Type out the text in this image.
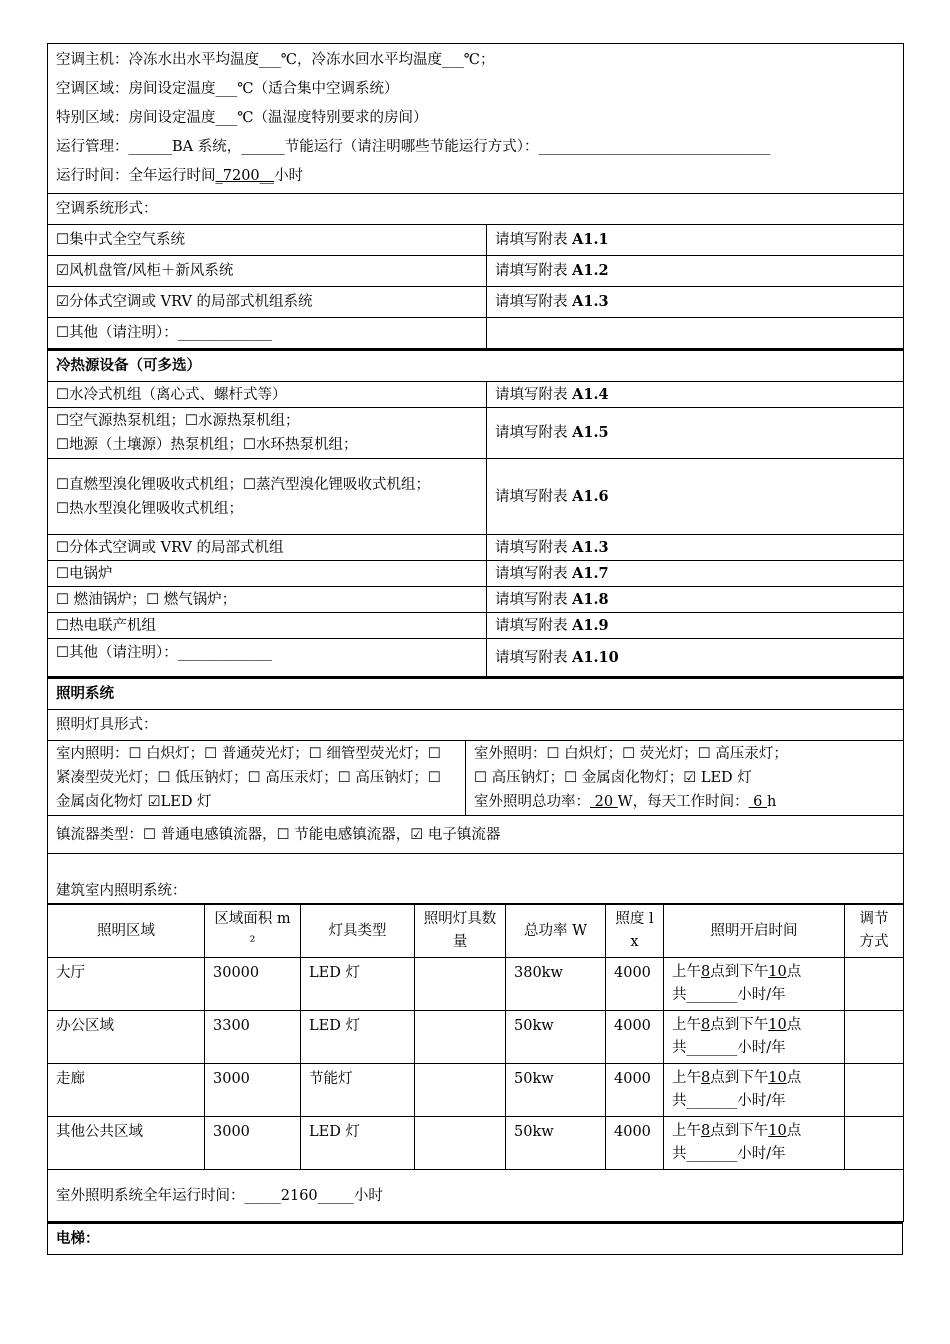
空调主机：冷冻水出水平均温度___℃，冷冻水回水平均温度___℃；
空调区域：房间设定温度___℃（适合集中空调系统）
特别区域：房间设定温度___℃（温湿度特别要求的房间）
运行管理：______BA 系统，______节能运行（请注明哪些节能运行方式）：________________________________
运行时间：全年运行时间_7200__小时	

空调系统形式：	
☐集中式全空气系统	请填写附表 A1.1
☑风机盘管/风柜＋新风系统	请填写附表 A1.2
☑分体式空调或 VRV 的局部式机组系统	请填写附表 A1.3
☐其他（请注明）：_____________	
冷热源设备（可多选）	

☐水冷式机组（离心式、螺杆式等）	请填写附表 A1.4

☐空气源热泵机组；☐水源热泵机组；
☐地源（土壤源）热泵机组；☐水环热泵机组；	请填写附表 A1.5

☐直燃型溴化锂吸收式机组；☐蒸汽型溴化锂吸收式机组；
☐热水型溴化锂吸收式机组；	请填写附表 A1.6

☐分体式空调或 VRV 的局部式机组	请填写附表 A1.3

☐电锅炉	请填写附表 A1.7

☐ 燃油锅炉；☐ 燃气锅炉；	请填写附表 A1.8

☐热电联产机组	请填写附表 A1.9

☐其他（请注明）：_____________	请填写附表 A1.10
照明系统
照明灯具形式：
室内照明：☐ 白炽灯；☐ 普通荧光灯；☐ 细管型荧光灯；☐ 紧凑型荧光灯；☐ 低压钠灯；☐ 高压汞灯；☐ 高压钠灯；☐ 金属卤化物灯 ☑LED 灯	
室外照明：☐ 白炽灯；☐ 荧光灯；☐ 高压汞灯；
☐ 高压钠灯；☐ 金属卤化物灯；☑ LED 灯
室外照明总功率： 20 W，每天工作时间： 6 h

镇流器类型：☐ 普通电感镇流器，☐ 节能电感镇流器，☑ 电子镇流器
建筑室内照明系统：
照明区域	区域面积 m²	灯具类型	照明灯具数量	总功率 W	照度 lx	照明开启时间	调节方式
大厅	30000	LED 灯		380kw	4000	上午8点到下午10点
共_______小时/年	
办公区域	3300	LED 灯		50kw	4000	上午8点到下午10点
共_______小时/年	
走廊	3000	节能灯		50kw	4000	上午8点到下午10点
共_______小时/年	
其他公共区域	3000	LED 灯		50kw	4000	上午8点到下午10点
共_______小时/年	
室外照明系统全年运行时间：_____2160_____小时							
电梯：
